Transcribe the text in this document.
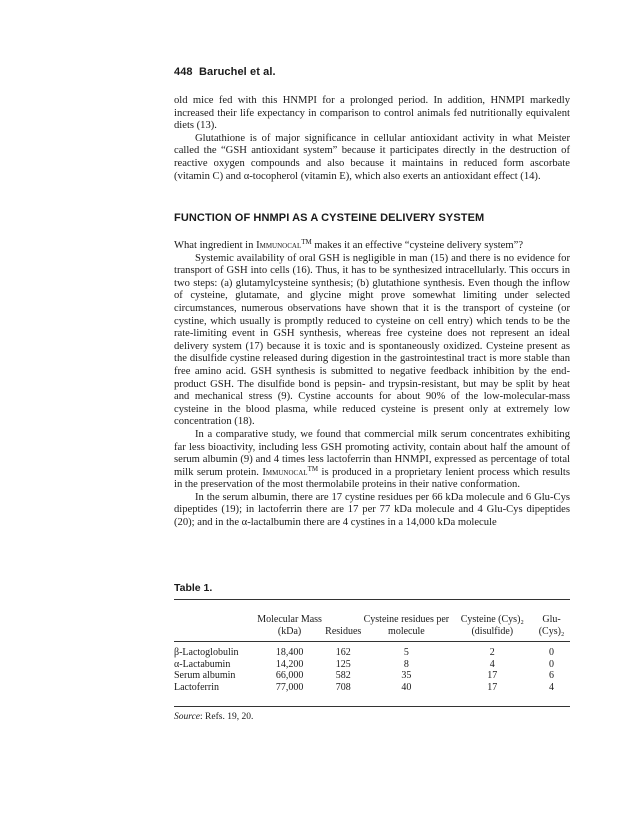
448 Baruchel et al.

old mice fed with this HNMPI for a prolonged period. In addition, HNMPI markedly increased their life expectancy in comparison to control animals fed nutritionally equivalent diets (13).

Glutathione is of major significance in cellular antioxidant activity in what Meister called the “GSH antioxidant system” because it participates directly in the destruction of reactive oxygen compounds and also because it maintains in reduced form ascorbate (vitamin C) and α-tocopherol (vitamin E), which also exerts an antioxidant effect (14).

FUNCTION OF HNMPI AS A CYSTEINE DELIVERY SYSTEM

What ingredient in Immunocal™ makes it an effective “cysteine delivery system”?

Systemic availability of oral GSH is negligible in man (15) and there is no evidence for transport of GSH into cells (16). Thus, it has to be synthesized intracellularly. This occurs in two steps: (a) glutamylcysteine synthesis; (b) glutathione synthesis. Even though the inflow of cysteine, glutamate, and glycine might prove somewhat limiting under selected circumstances, numerous observations have shown that it is the transport of cysteine (or cystine, which usually is promptly reduced to cysteine on cell entry) which tends to be the rate-limiting event in GSH synthesis, whereas free cysteine does not represent an ideal delivery system (17) because it is toxic and is spontaneously oxidized. Cysteine present as the disulfide cystine released during digestion in the gastrointestinal tract is more stable than free amino acid. GSH synthesis is submitted to negative feedback inhibition by the end-product GSH. The disulfide bond is pepsin- and trypsin-resistant, but may be split by heat and mechanical stress (9). Cystine accounts for about 90% of the low-molecular-mass cysteine in the blood plasma, while reduced cysteine is present only at extremely low concentration (18).

In a comparative study, we found that commercial milk serum concentrates exhibiting far less bioactivity, including less GSH promoting activity, contain about half the amount of serum albumin (9) and 4 times less lactoferrin than HNMPI, expressed as percentage of total milk serum protein. Immunocal™ is produced in a proprietary lenient process which results in the preservation of the most thermolabile proteins in their native conformation.

In the serum albumin, there are 17 cystine residues per 66 kDa molecule and 6 Glu-Cys dipeptides (19); in lactoferrin there are 17 per 77 kDa molecule and 4 Glu-Cys dipeptides (20); and in the α-lactalbumin there are 4 cystines in a 14,000 kDa molecule

Table 1.
	Molecular Mass (kDa)	Residues	Cysteine residues per molecule	Cysteine (Cys)₂ (disulfide)	Glu-(Cys)₂
β-Lactoglobulin	18,400	162	5	2	0
α-Lactabumin	14,200	125	8	4	0
Serum albumin	66,000	582	35	17	6
Lactoferrin	77,000	708	40	17	4
Source: Refs. 19, 20.
